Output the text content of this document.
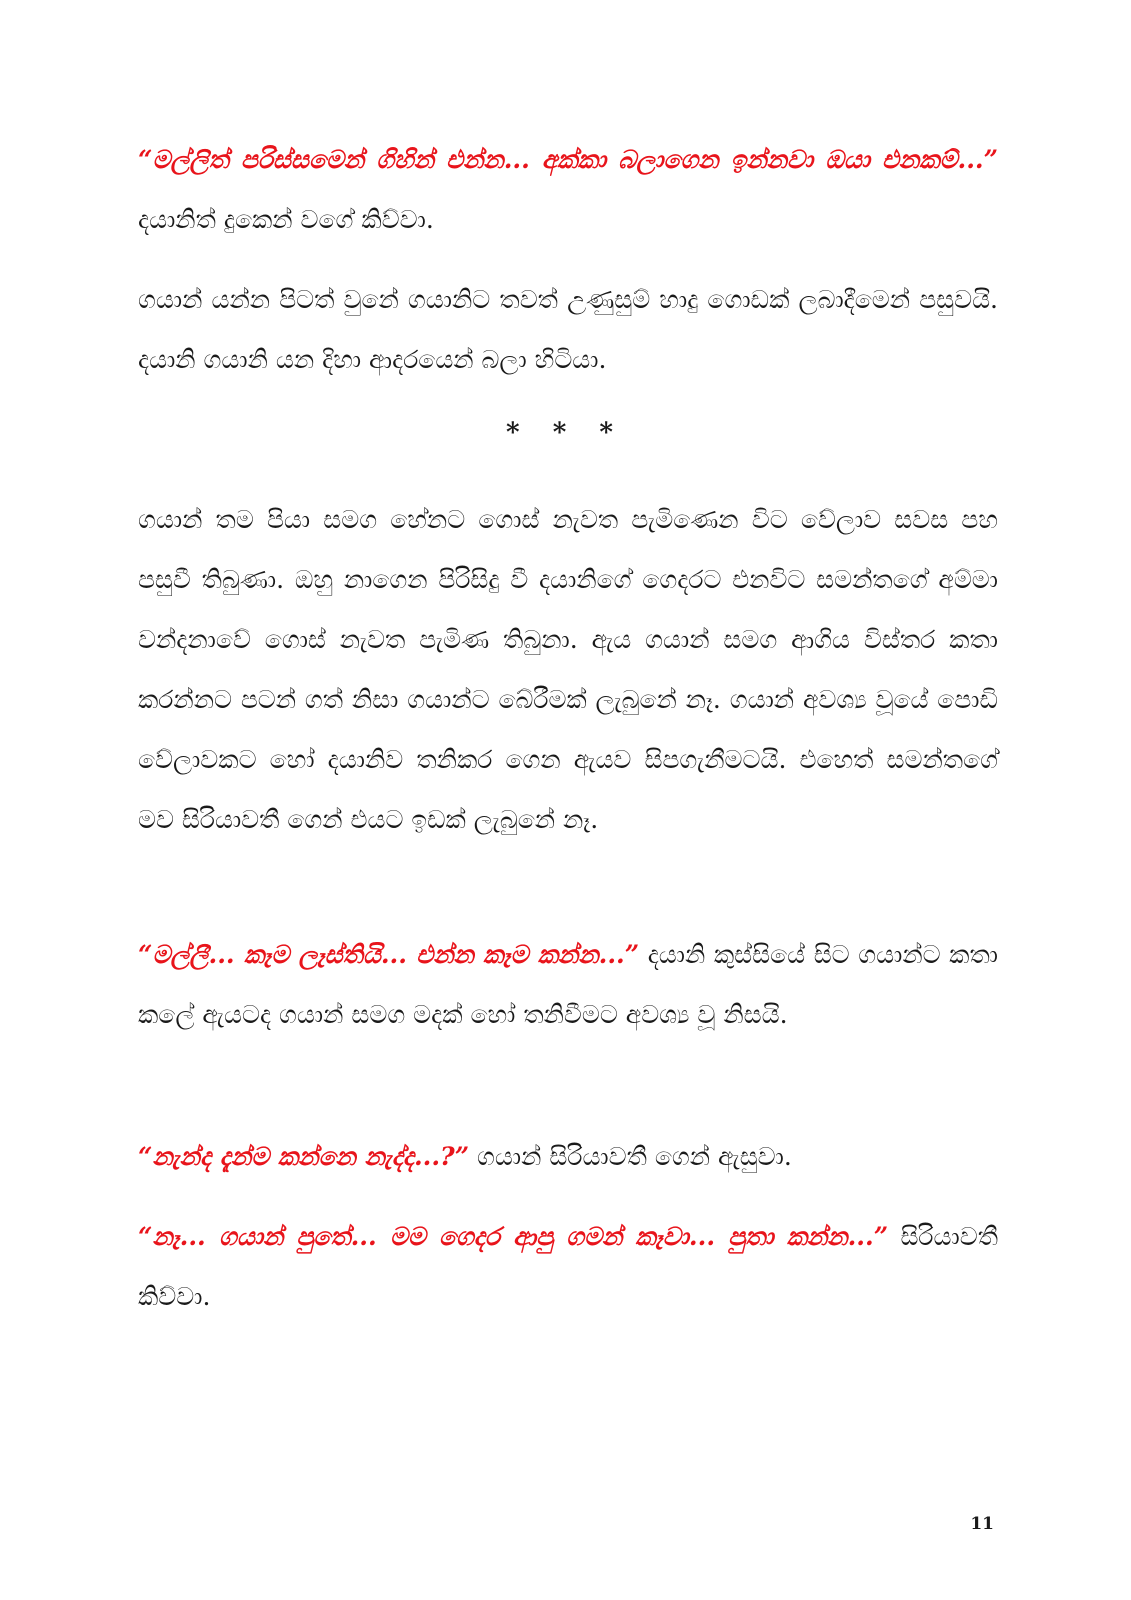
“මල්ලිත් පරිස්සමෙන් ගිහින් එන්න... අක්කා බලාගෙන ඉන්නවා ඔයා එනකම්...” දයානිත් දුකෙන් වගේ කිව්වා.

ගයාන් යන්න පිටත් වුනේ ගයානිට තවත් උණුසුම් හාදු ගොඩක් ලබාදීමෙන් පසුවයි. දයානි ගයානි යන දිහා ආදරයෙන් බලා හිටියා.

* * *

ගයාන් තම පියා සමග හේනට ගොස් නැවත පැමිණෙන විට වේලාව සවස පහ පසුවී තිබුණා. ඔහු නාගෙන පිරිසිදු වී දයානිගේ ගෙදරට එනවිට සමන්තගේ අම්මා වන්දනාවේ ගොස් නැවත පැමිණ තිබුනා. ඇය ගයාන් සමග ආගිය විස්තර කතා කරන්නට පටන් ගත් නිසා ගයාන්ට බේරීමක් ලැබුනේ නෑ. ගයාන් අවශ්‍ය වූයේ පොඩි වේලාවකට හෝ දයානිව තනිකර ගෙන ඇයව සිපගැනීමටයි. එහෙත් සමන්තගේ මව සිරියාවතී ගෙන් එයට ඉඩක් ලැබුනේ නෑ.

“මල්ලී... කෑම ලෑස්තියි... එන්න කෑම කන්න...” දයානි කුස්සියේ සිට ගයාන්ට කතා කලේ ඇයටද ගයාන් සමග මදක් හෝ තනිවීමට අවශ්‍ය වූ නිසයි.

“නැන්ද දැන්ම කන්නෙ නැද්ද...?” ගයාන් සිරියාවතී ගෙන් ඇසුවා.

“නෑ... ගයාන් පුතේ... මම ගෙදර ආපු ගමන් කෑවා... පුතා කන්න...” සිරියාවතී කිව්වා.

11
